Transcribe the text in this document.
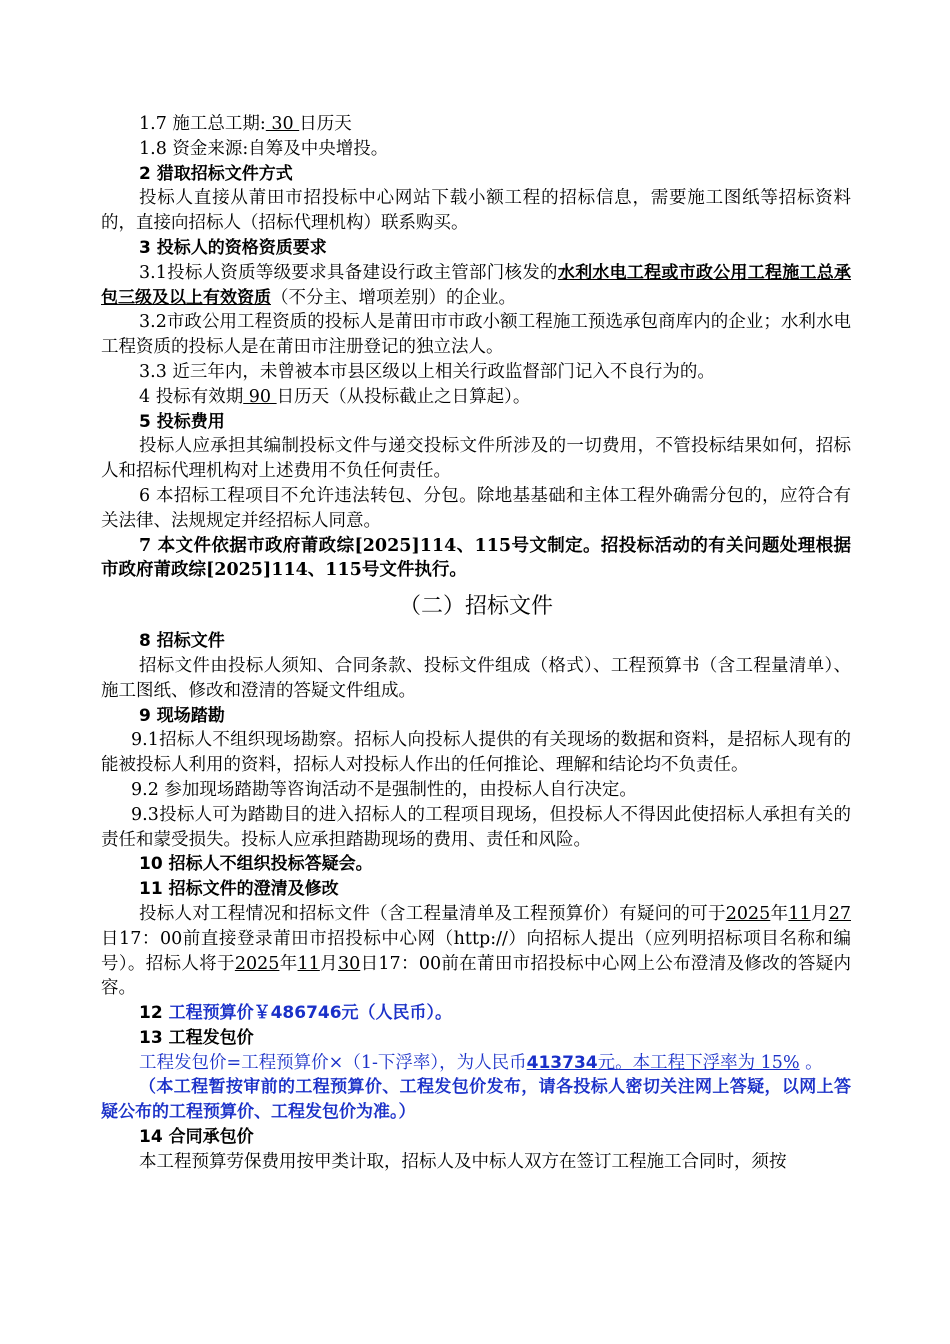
1.7 施工总工期: 30 日历天

1.8 资金来源:自筹及中央增投。

2 猎取招标文件方式

投标人直接从莆田市招投标中心网站下载小额工程的招标信息，需要施工图纸等招标资料的，直接向招标人（招标代理机构）联系购买。

3 投标人的资格资质要求

3.1投标人资质等级要求具备建设行政主管部门核发的水利水电工程或市政公用工程施工总承包三级及以上有效资质（不分主、增项差别）的企业。

3.2市政公用工程资质的投标人是莆田市市政小额工程施工预选承包商库内的企业；水利水电工程资质的投标人是在莆田市注册登记的独立法人。

3.3 近三年内，未曾被本市县区级以上相关行政监督部门记入不良行为的。

4 投标有效期 90 日历天（从投标截止之日算起）。

5 投标费用

投标人应承担其编制投标文件与递交投标文件所涉及的一切费用，不管投标结果如何，招标人和招标代理机构对上述费用不负任何责任。

6 本招标工程项目不允许违法转包、分包。除地基基础和主体工程外确需分包的，应符合有关法律、法规规定并经招标人同意。

7 本文件依据市政府莆政综[2025]114、115号文制定。招投标活动的有关问题处理根据市政府莆政综[2025]114、115号文件执行。

（二）招标文件

8 招标文件

招标文件由投标人须知、合同条款、投标文件组成（格式）、工程预算书（含工程量清单）、施工图纸、修改和澄清的答疑文件组成。

9 现场踏勘

9.1招标人不组织现场勘察。招标人向投标人提供的有关现场的数据和资料，是招标人现有的能被投标人利用的资料，招标人对投标人作出的任何推论、理解和结论均不负责任。

9.2 参加现场踏勘等咨询活动不是强制性的，由投标人自行决定。

9.3投标人可为踏勘目的进入招标人的工程项目现场，但投标人不得因此使招标人承担有关的责任和蒙受损失。投标人应承担踏勘现场的费用、责任和风险。

10 招标人不组织投标答疑会。

11 招标文件的澄清及修改

投标人对工程情况和招标文件（含工程量清单及工程预算价）有疑问的可于2025年11月27日17：00前直接登录莆田市招投标中心网（http://）向招标人提出（应列明招标项目名称和编号）。招标人将于2025年11月30日17：00前在莆田市招投标中心网上公布澄清及修改的答疑内容。

12 工程预算价￥486746元（人民币）。

13 工程发包价

工程发包价=工程预算价×（1-下浮率），为人民币413734元。本工程下浮率为 15% 。

（本工程暂按审前的工程预算价、工程发包价发布，请各投标人密切关注网上答疑，以网上答疑公布的工程预算价、工程发包价为准。）

14 合同承包价

本工程预算劳保费用按甲类计取，招标人及中标人双方在签订工程施工合同时，须按
